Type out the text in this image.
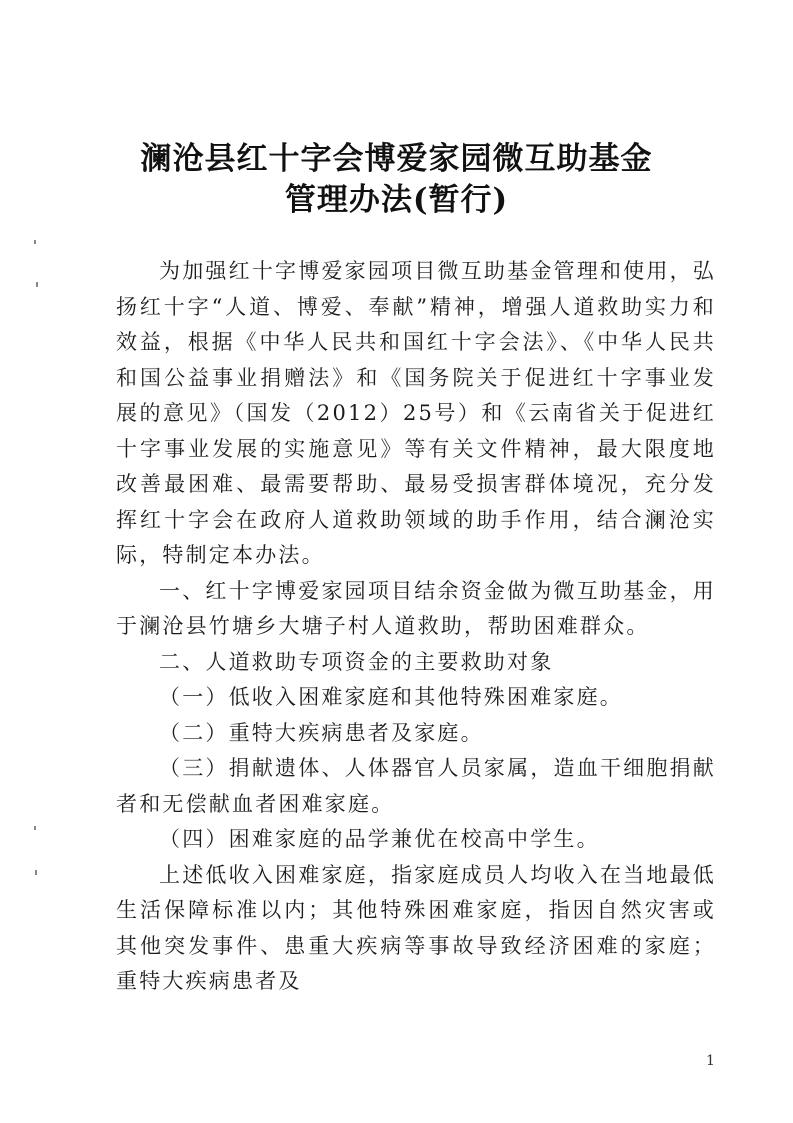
澜沧县红十字会博爱家园微互助基金
管理办法(暂行)

为加强红十字博爱家园项目微互助基金管理和使用，弘扬红十字“人道、博爱、奉献”精神，增强人道救助实力和效益，根据《中华人民共和国红十字会法》、《中华人民共和国公益事业捐赠法》和《国务院关于促进红十字事业发展的意见》（国发（2012）25号）和《云南省关于促进红十字事业发展的实施意见》等有关文件精神，最大限度地改善最困难、最需要帮助、最易受损害群体境况，充分发挥红十字会在政府人道救助领域的助手作用，结合澜沧实际，特制定本办法。

一、红十字博爱家园项目结余资金做为微互助基金，用于澜沧县竹塘乡大塘子村人道救助，帮助困难群众。

二、人道救助专项资金的主要救助对象

（一）低收入困难家庭和其他特殊困难家庭。

（二）重特大疾病患者及家庭。

（三）捐献遗体、人体器官人员家属，造血干细胞捐献者和无偿献血者困难家庭。

（四）困难家庭的品学兼优在校高中学生。

上述低收入困难家庭，指家庭成员人均收入在当地最低生活保障标准以内；其他特殊困难家庭，指因自然灾害或其他突发事件、患重大疾病等事故导致经济困难的家庭；重特大疾病患者及

1
